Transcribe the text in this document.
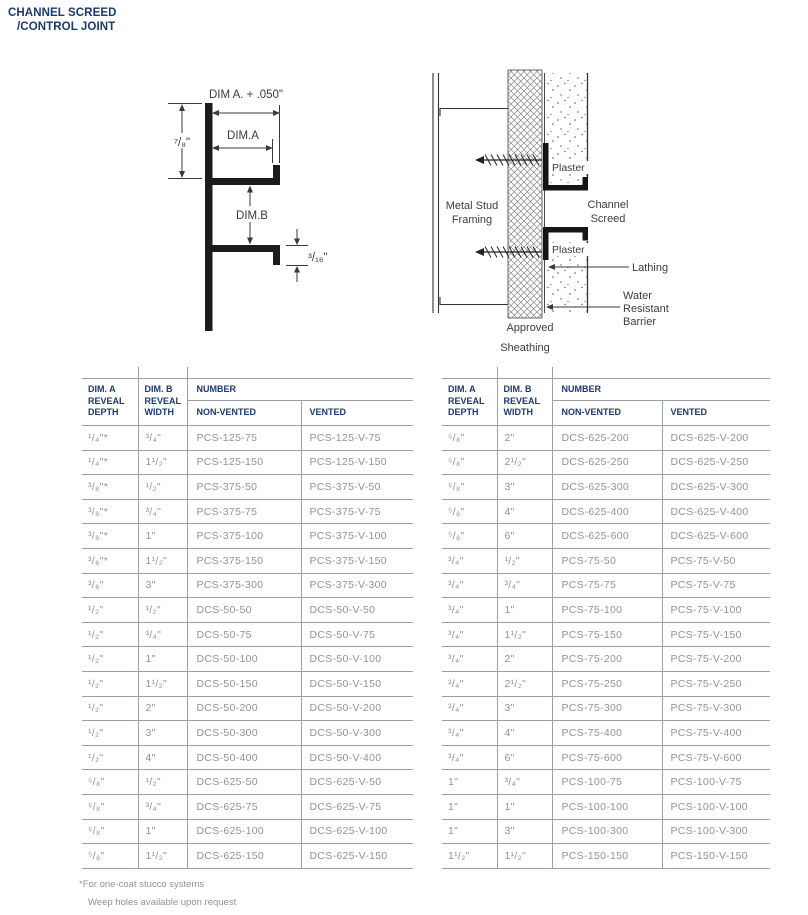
CHANNEL SCREED
/CONTROL JOINT
DIM A. + .050"
DIM.A
⁷/₈"
DIM.B
³/₁₆"
Metal Stud
Framing
Plaster
Plaster
Channel
Screed
Lathing
Water
Resistant
Barrier
Approved
Sheathing
DIM. A REVEAL DEPTH	DIM. B REVEAL WIDTH	NUMBER	
		NON-VENTED	VENTED
¹/₄"*	³/₄"	PCS-125-75	PCS-125-V-75
¹/₄"*	1¹/₂"	PCS-125-150	PCS-125-V-150
³/₈"*	¹/₂"	PCS-375-50	PCS-375-V-50
³/₈"*	³/₄"	PCS-375-75	PCS-375-V-75
³/₈"*	1"	PCS-375-100	PCS-375-V-100
³/₈"*	1¹/₂"	PCS-375-150	PCS-375-V-150
³/₈"	3"	PCS-375-300	PCS-375-V-300
¹/₂"	¹/₂"	DCS-50-50	DCS-50-V-50
¹/₂"	³/₄"	DCS-50-75	DCS-50-V-75
¹/₂"	1"	DCS-50-100	DCS-50-V-100
¹/₂"	1¹/₂"	DCS-50-150	DCS-50-V-150
¹/₂"	2"	DCS-50-200	DCS-50-V-200
¹/₂"	3"	DCS-50-300	DCS-50-V-300
¹/₂"	4"	DCS-50-400	DCS-50-V-400
⁵/₈"	¹/₂"	DCS-625-50	DCS-625-V-50
⁵/₈"	³/₄"	DCS-625-75	DCS-625-V-75
⁵/₈"	1"	DCS-625-100	DCS-625-V-100
⁵/₈"	1¹/₂"	DCS-625-150	DCS-625-V-150
DIM. A REVEAL DEPTH	DIM. B REVEAL WIDTH	NUMBER	
		NON-VENTED	VENTED
⁵/₈"	2"	DCS-625-200	DCS-625-V-200
⁵/₈"	2¹/₂"	DCS-625-250	DCS-625-V-250
⁵/₈"	3"	DCS-625-300	DCS-625-V-300
⁵/₈"	4"	DCS-625-400	DCS-625-V-400
⁵/₈"	6"	DCS-625-600	DCS-625-V-600
³/₄"	¹/₂"	PCS-75-50	PCS-75-V-50
³/₄"	³/₄"	PCS-75-75	PCS-75-V-75
³/₄"	1"	PCS-75-100	PCS-75-V-100
³/₄"	1¹/₂"	PCS-75-150	PCS-75-V-150
³/₄"	2"	PCS-75-200	PCS-75-V-200
³/₄"	2¹/₂"	PCS-75-250	PCS-75-V-250
³/₄"	3"	PCS-75-300	PCS-75-V-300
³/₄"	4"	PCS-75-400	PCS-75-V-400
³/₄"	6"	PCS-75-600	PCS-75-V-600
1"	³/₄"	PCS-100-75	PCS-100-V-75
1"	1"	PCS-100-100	PCS-100-V-100
1"	3"	PCS-100-300	PCS-100-V-300
1¹/₂"	1¹/₂"	PCS-150-150	PCS-150-V-150
*For one-coat stucco systems
Weep holes available upon request
